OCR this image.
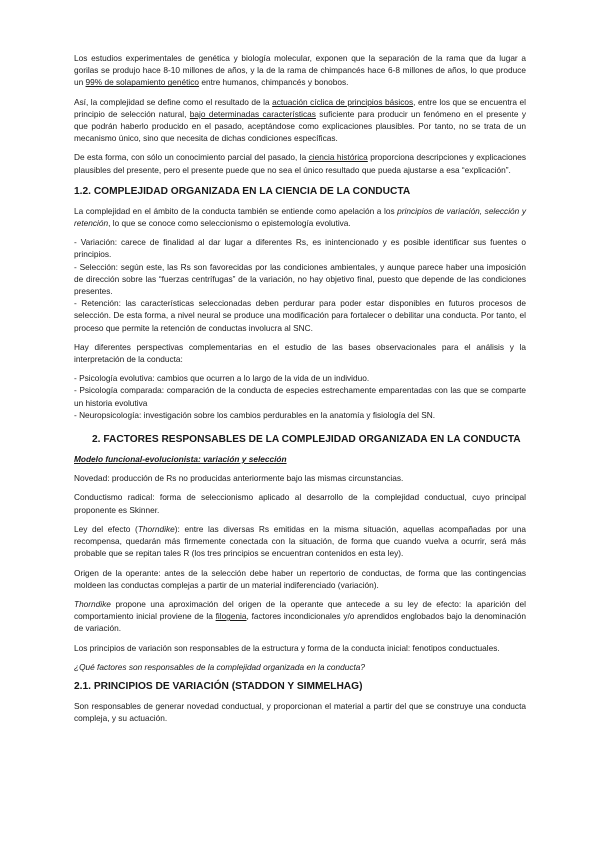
Los estudios experimentales de genética y biología molecular, exponen que la separación de la rama que da lugar a gorilas se produjo hace 8-10 millones de años, y la de la rama de chimpancés hace 6-8 millones de años, lo que produce un 99% de solapamiento genético entre humanos, chimpancés y bonobos.

Así, la complejidad se define como el resultado de la actuación cíclica de principios básicos, entre los que se encuentra el principio de selección natural, bajo determinadas características suficiente para producir un fenómeno en el presente y que podrán haberlo producido en el pasado, aceptándose como explicaciones plausibles. Por tanto, no se trata de un mecanismo único, sino que necesita de dichas condiciones específicas.

De esta forma, con sólo un conocimiento parcial del pasado, la ciencia histórica proporciona descripciones y explicaciones plausibles del presente, pero el presente puede que no sea el único resultado que pueda ajustarse a esa “explicación”.

1.2. COMPLEJIDAD ORGANIZADA EN LA CIENCIA DE LA CONDUCTA

La complejidad en el ámbito de la conducta también se entiende como apelación a los principios de variación, selección y retención, lo que se conoce como seleccionismo o epistemología evolutiva.

- Variación: carece de finalidad al dar lugar a diferentes Rs, es inintencionado y es posible identificar sus fuentes o principios.

- Selección: según este, las Rs son favorecidas por las condiciones ambientales, y aunque parece haber una imposición de dirección sobre las “fuerzas centrífugas” de la variación, no hay objetivo final, puesto que depende de las condiciones presentes.

- Retención: las características seleccionadas deben perdurar para poder estar disponibles en futuros procesos de selección. De esta forma, a nivel neural se produce una modificación para fortalecer o debilitar una conducta. Por tanto, el proceso que permite la retención de conductas involucra al SNC.

Hay diferentes perspectivas complementarias en el estudio de las bases observacionales para el análisis y la interpretación de la conducta:

- Psicología evolutiva: cambios que ocurren a lo largo de la vida de un individuo.

- Psicología comparada: comparación de la conducta de especies estrechamente emparentadas con las que se comparte un historia evolutiva

- Neuropsicología: investigación sobre los cambios perdurables en la anatomía y fisiología del SN.

2. FACTORES RESPONSABLES DE LA COMPLEJIDAD ORGANIZADA EN LA CONDUCTA

Modelo funcional-evolucionista: variación y selección

Novedad: producción de Rs no producidas anteriormente bajo las mismas circunstancias.

Conductismo radical: forma de seleccionismo aplicado al desarrollo de la complejidad conductual, cuyo principal proponente es Skinner.

Ley del efecto (Thorndike): entre las diversas Rs emitidas en la misma situación, aquellas acompañadas por una recompensa, quedarán más firmemente conectada con la situación, de forma que cuando vuelva a ocurrir, será más probable que se repitan tales R (los tres principios se encuentran contenidos en esta ley).

Origen de la operante: antes de la selección debe haber un repertorio de conductas, de forma que las contingencias moldeen las conductas complejas a partir de un material indiferenciado (variación).

Thorndike propone una aproximación del origen de la operante que antecede a su ley de efecto: la aparición del comportamiento inicial proviene de la filogenia, factores incondicionales y/o aprendidos englobados bajo la denominación de variación.

Los principios de variación son responsables de la estructura y forma de la conducta inicial: fenotipos conductuales.

¿Qué factores son responsables de la complejidad organizada en la conducta?

2.1. PRINCIPIOS DE VARIACIÓN (STADDON Y SIMMELHAG)

Son responsables de generar novedad conductual, y proporcionan el material a partir del que se construye una conducta compleja, y su actuación.
